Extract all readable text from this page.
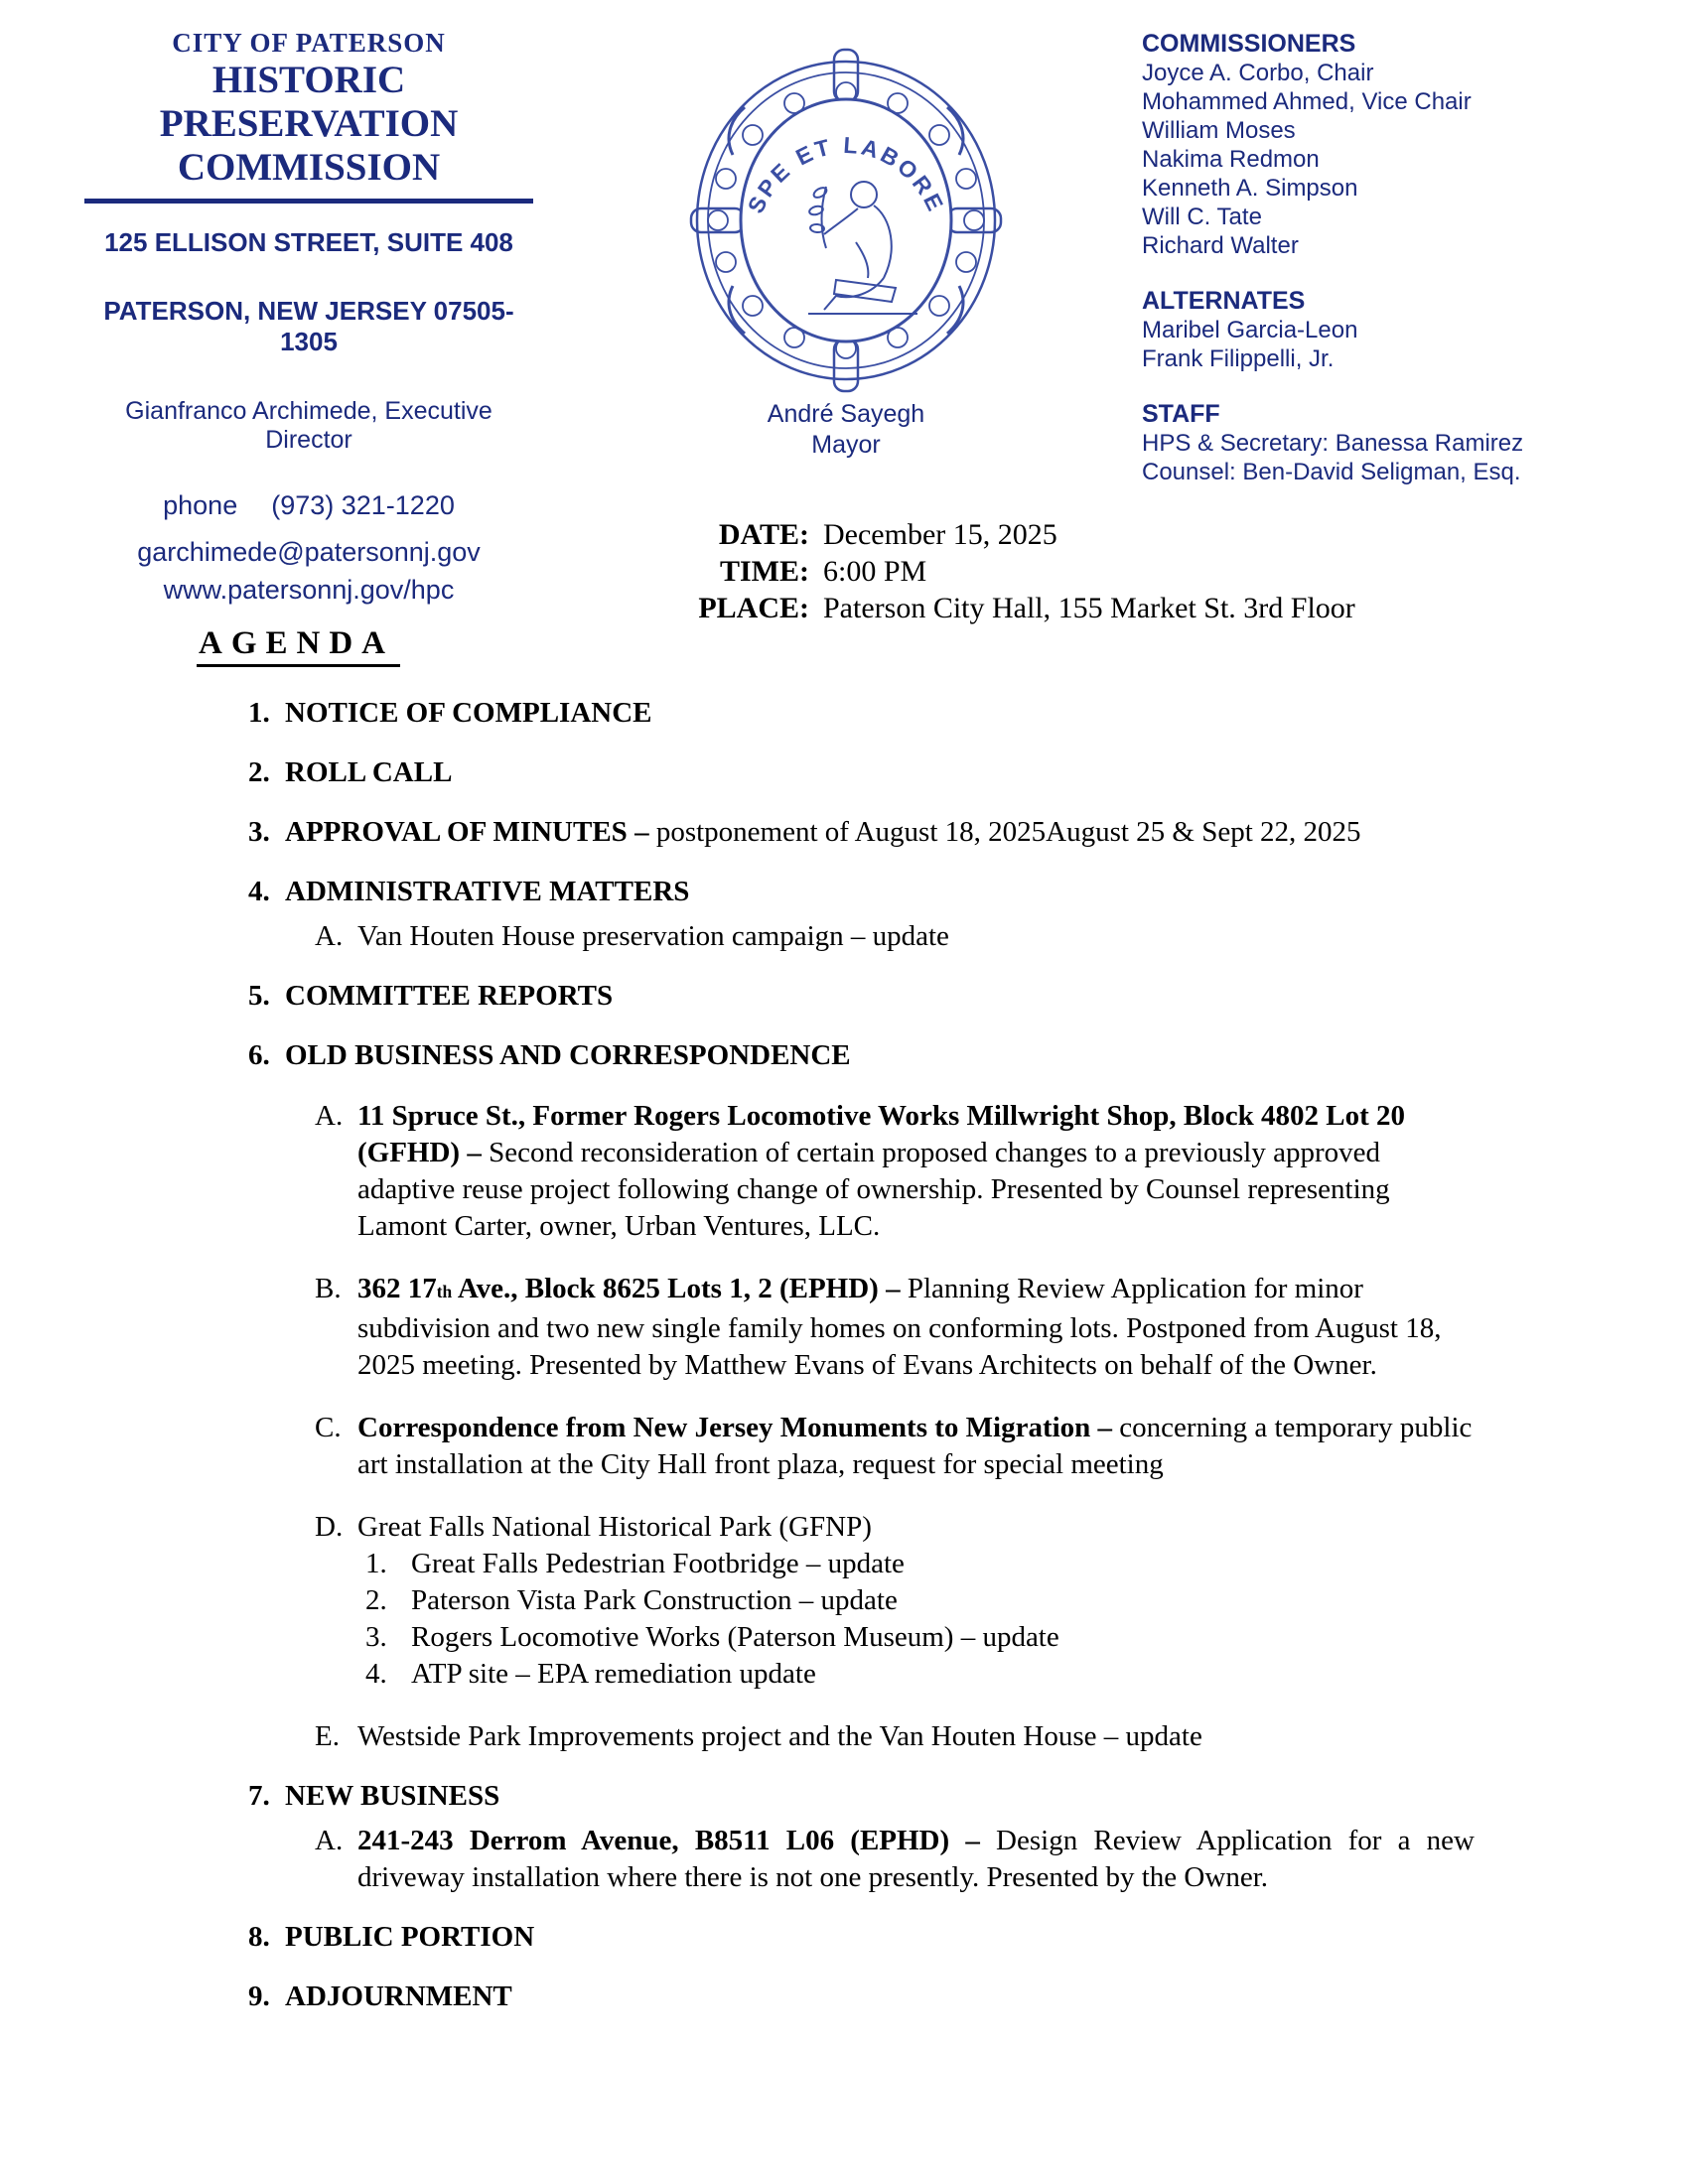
CITY OF PATERSON
HISTORIC PRESERVATION
COMMISSION
125 ELLISON STREET, SUITE 408
PATERSON, NEW JERSEY 07505-1305
Gianfranco Archimede, Executive Director
phone (973) 321-1220
garchimede@patersonnj.gov
www.patersonnj.gov/hpc
SPE ET LABORE
André Sayegh
Mayor
COMMISSIONERS
Joyce A. Corbo, Chair
Mohammed Ahmed, Vice Chair
William Moses
Nakima Redmon
Kenneth A. Simpson
Will C. Tate
Richard Walter
ALTERNATES
Maribel Garcia-Leon
Frank Filippelli, Jr.
STAFF
HPS & Secretary: Banessa Ramirez
Counsel: Ben-David Seligman, Esq.
DATE: December 15, 2025
TIME: 6:00 PM
PLACE: Paterson City Hall, 155 Market St. 3rd Floor
AGENDA
1. NOTICE OF COMPLIANCE
2. ROLL CALL
3. APPROVAL OF MINUTES – postponement of August 18, 2025August 25 & Sept 22, 2025
4. ADMINISTRATIVE MATTERS
A. Van Houten House preservation campaign – update
5. COMMITTEE REPORTS
6. OLD BUSINESS AND CORRESPONDENCE
A. 11 Spruce St., Former Rogers Locomotive Works Millwright Shop, Block 4802 Lot 20 (GFHD) – Second reconsideration of certain proposed changes to a previously approved adaptive reuse project following change of ownership. Presented by Counsel representing Lamont Carter, owner, Urban Ventures, LLC.
B. 362 17th Ave., Block 8625 Lots 1, 2 (EPHD) – Planning Review Application for minor subdivision and two new single family homes on conforming lots. Postponed from August 18, 2025 meeting. Presented by Matthew Evans of Evans Architects on behalf of the Owner.
C. Correspondence from New Jersey Monuments to Migration – concerning a temporary public art installation at the City Hall front plaza, request for special meeting
D. Great Falls National Historical Park (GFNP)
1. Great Falls Pedestrian Footbridge – update
2. Paterson Vista Park Construction – update
3. Rogers Locomotive Works (Paterson Museum) – update
4. ATP site – EPA remediation update
E. Westside Park Improvements project and the Van Houten House – update
7. NEW BUSINESS
A. 241-243 Derrom Avenue, B8511 L06 (EPHD) – Design Review Application for a new driveway installation where there is not one presently. Presented by the Owner.
8. PUBLIC PORTION
9. ADJOURNMENT
